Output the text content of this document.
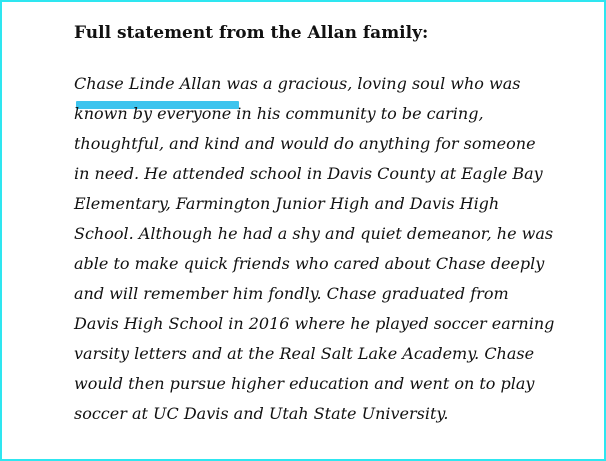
Full statement from the Allan family:

Chase Linde Allan was a gracious, loving soul who was
known by everyone in his community to be caring,
thoughtful, and kind and would do anything for someone
in need. He attended school in Davis County at Eagle Bay
Elementary, Farmington Junior High and Davis High
School. Although he had a shy and quiet demeanor, he was
able to make quick friends who cared about Chase deeply
and will remember him fondly. Chase graduated from
Davis High School in 2016 where he played soccer earning
varsity letters and at the Real Salt Lake Academy. Chase
would then pursue higher education and went on to play
soccer at UC Davis and Utah State University.
